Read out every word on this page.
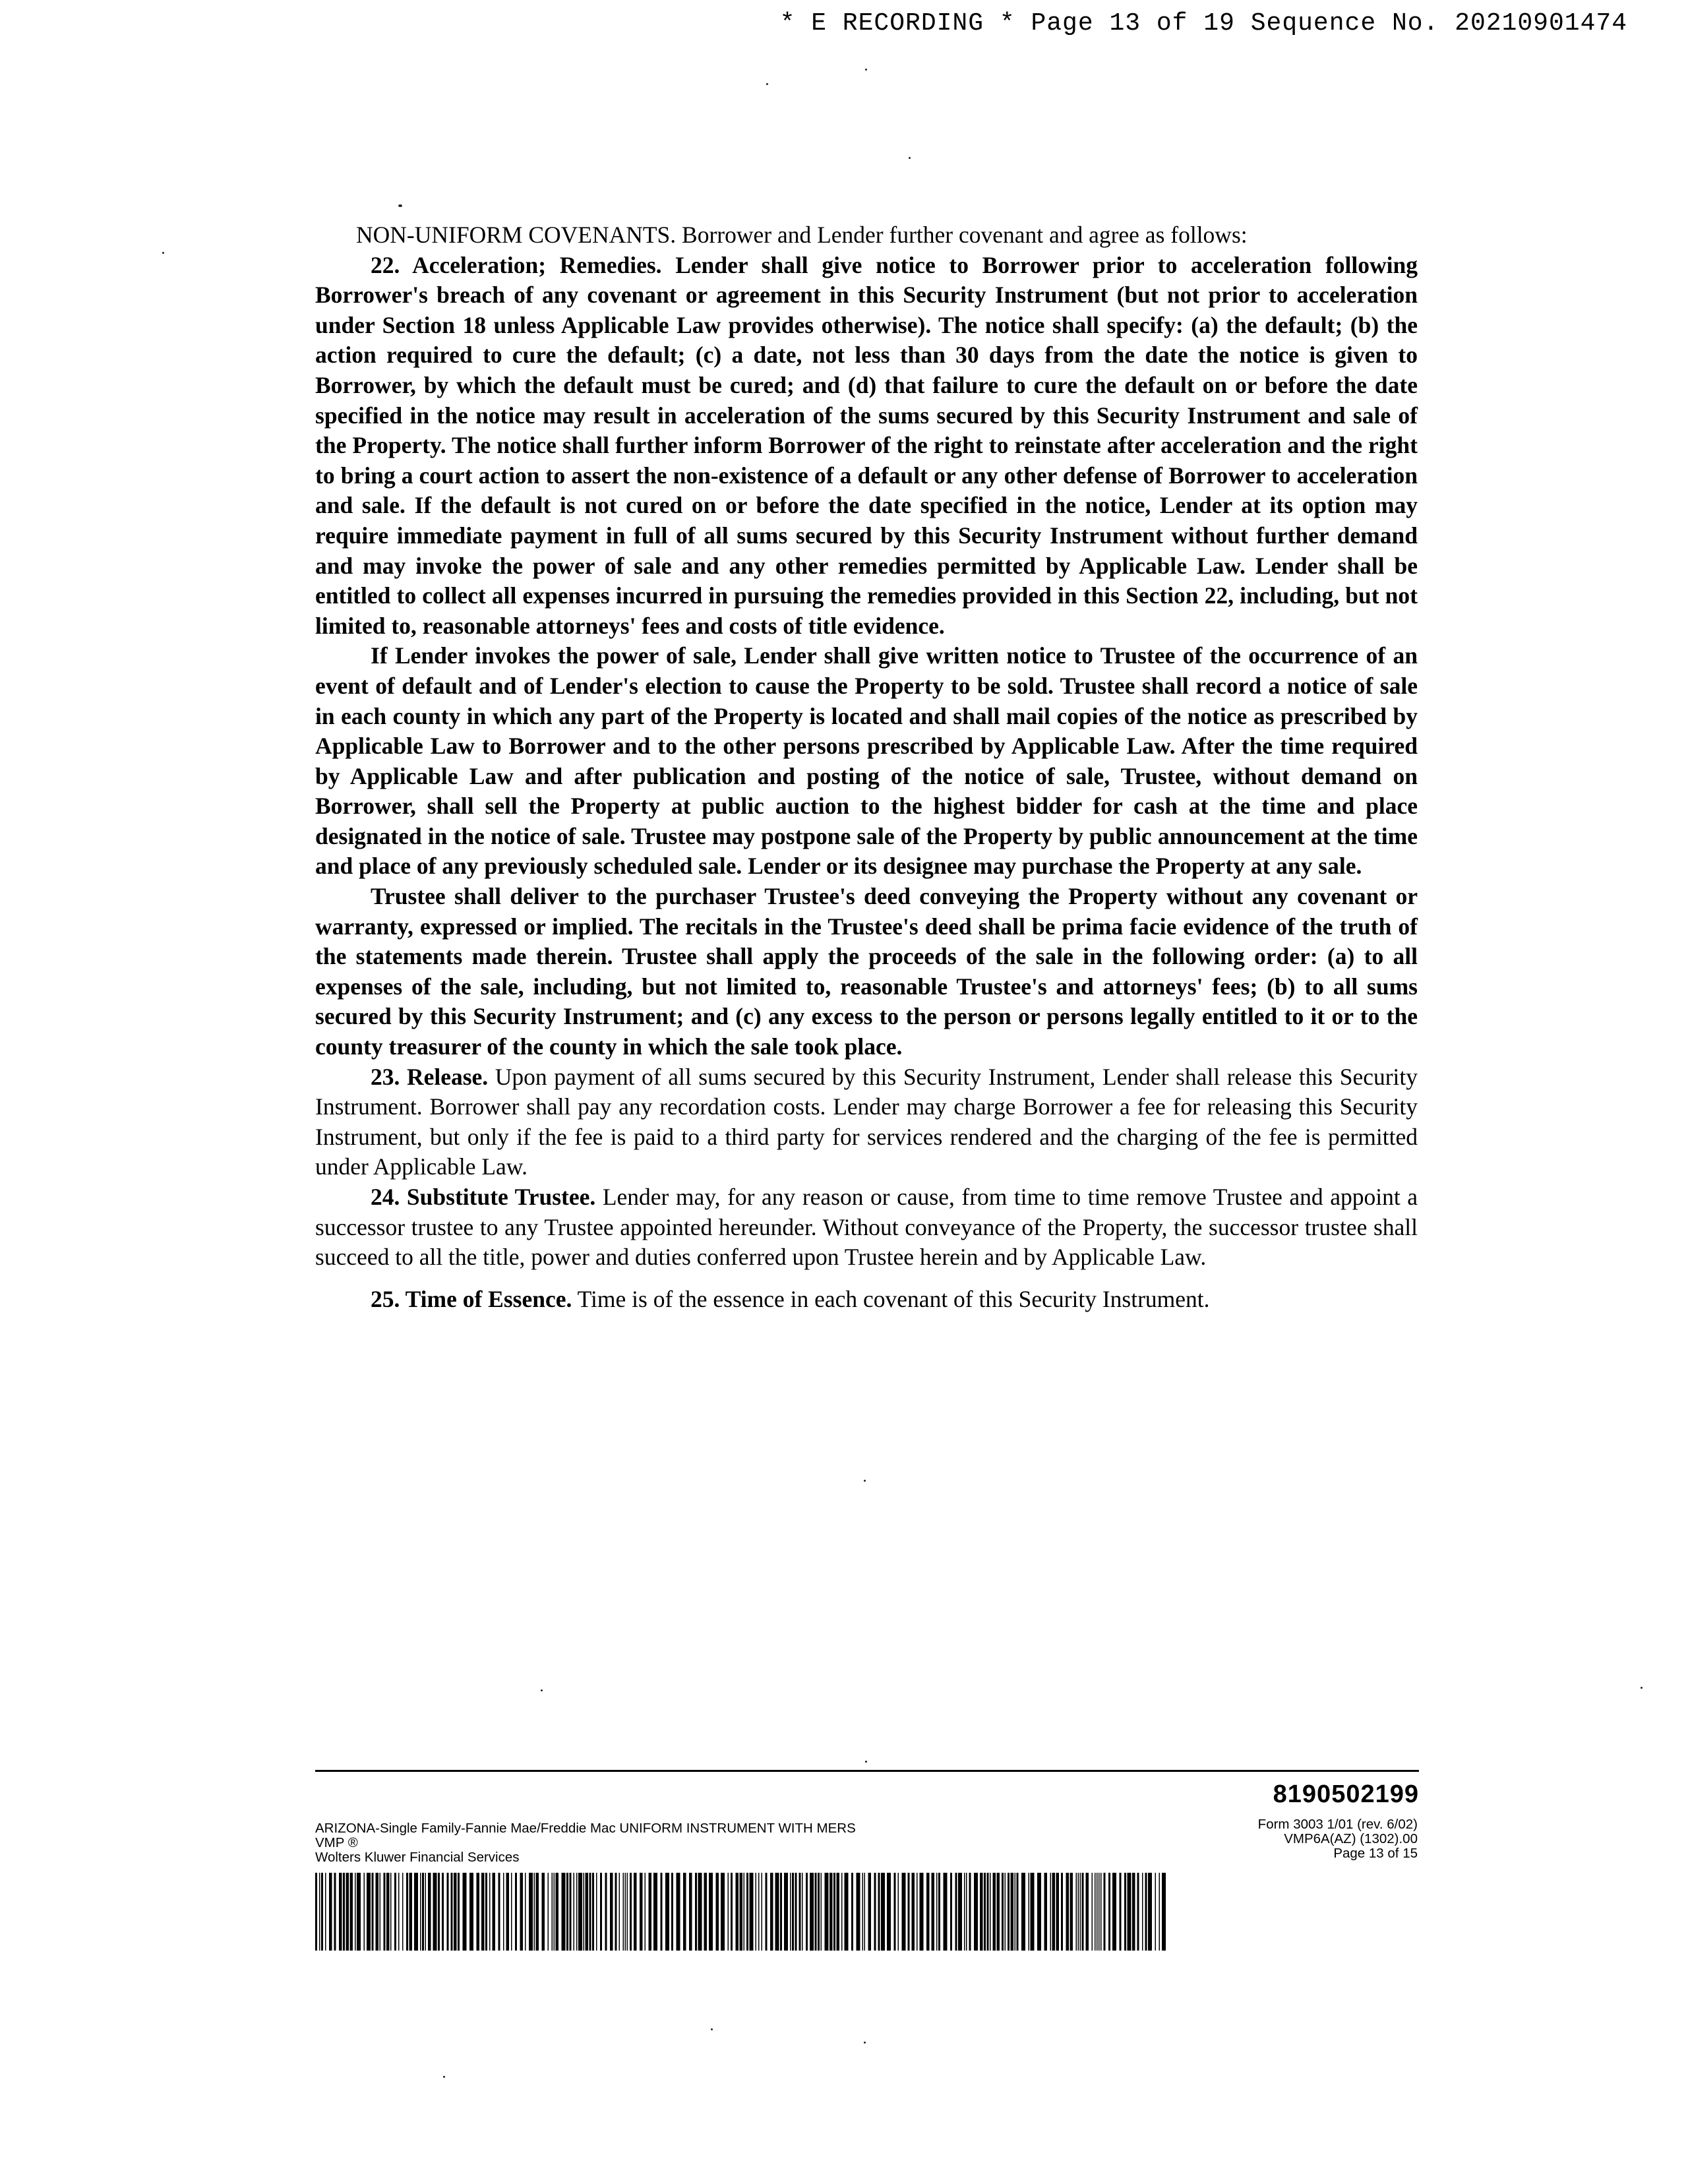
* E RECORDING * Page 13 of 19 Sequence No. 20210901474

NON-UNIFORM COVENANTS. Borrower and Lender further covenant and agree as follows:

22. Acceleration; Remedies. Lender shall give notice to Borrower prior to acceleration following Borrower's breach of any covenant or agreement in this Security Instrument (but not prior to acceleration under Section 18 unless Applicable Law provides otherwise). The notice shall specify: (a) the default; (b) the action required to cure the default; (c) a date, not less than 30 days from the date the notice is given to Borrower, by which the default must be cured; and (d) that failure to cure the default on or before the date specified in the notice may result in acceleration of the sums secured by this Security Instrument and sale of the Property. The notice shall further inform Borrower of the right to reinstate after acceleration and the right to bring a court action to assert the non-existence of a default or any other defense of Borrower to acceleration and sale. If the default is not cured on or before the date specified in the notice, Lender at its option may require immediate payment in full of all sums secured by this Security Instrument without further demand and may invoke the power of sale and any other remedies permitted by Applicable Law. Lender shall be entitled to collect all expenses incurred in pursuing the remedies provided in this Section 22, including, but not limited to, reasonable attorneys' fees and costs of title evidence.

If Lender invokes the power of sale, Lender shall give written notice to Trustee of the occurrence of an event of default and of Lender's election to cause the Property to be sold. Trustee shall record a notice of sale in each county in which any part of the Property is located and shall mail copies of the notice as prescribed by Applicable Law to Borrower and to the other persons prescribed by Applicable Law. After the time required by Applicable Law and after publication and posting of the notice of sale, Trustee, without demand on Borrower, shall sell the Property at public auction to the highest bidder for cash at the time and place designated in the notice of sale. Trustee may postpone sale of the Property by public announcement at the time and place of any previously scheduled sale. Lender or its designee may purchase the Property at any sale.

Trustee shall deliver to the purchaser Trustee's deed conveying the Property without any covenant or warranty, expressed or implied. The recitals in the Trustee's deed shall be prima facie evidence of the truth of the statements made therein. Trustee shall apply the proceeds of the sale in the following order: (a) to all expenses of the sale, including, but not limited to, reasonable Trustee's and attorneys' fees; (b) to all sums secured by this Security Instrument; and (c) any excess to the person or persons legally entitled to it or to the county treasurer of the county in which the sale took place.

23. Release. Upon payment of all sums secured by this Security Instrument, Lender shall release this Security Instrument. Borrower shall pay any recordation costs. Lender may charge Borrower a fee for releasing this Security Instrument, but only if the fee is paid to a third party for services rendered and the charging of the fee is permitted under Applicable Law.

24. Substitute Trustee. Lender may, for any reason or cause, from time to time remove Trustee and appoint a successor trustee to any Trustee appointed hereunder. Without conveyance of the Property, the successor trustee shall succeed to all the title, power and duties conferred upon Trustee herein and by Applicable Law.

25. Time of Essence. Time is of the essence in each covenant of this Security Instrument.

8190502199
ARIZONA-Single Family-Fannie Mae/Freddie Mac UNIFORM INSTRUMENT WITH MERS
VMP ®
Wolters Kluwer Financial Services
Form 3003 1/01 (rev. 6/02)
VMP6A(AZ) (1302).00
Page 13 of 15
